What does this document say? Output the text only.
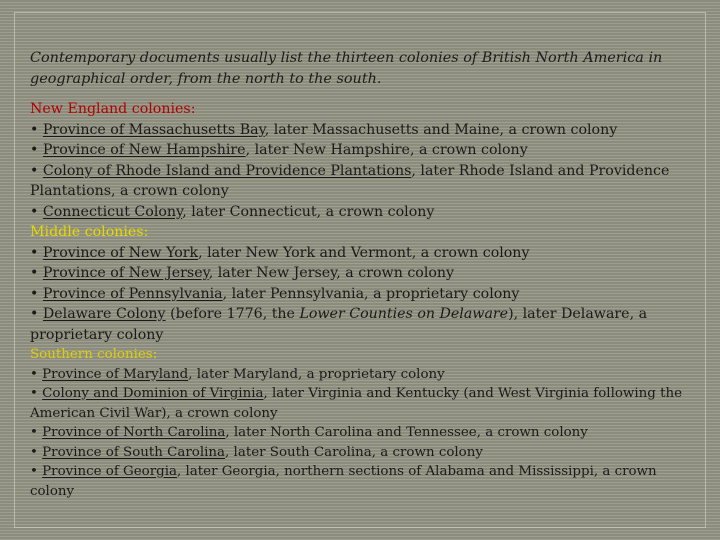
Contemporary documents usually list the thirteen colonies of British North America in geographical order, from the north to the south.

New England colonies:
• Province of Massachusetts Bay, later Massachusetts and Maine, a crown colony
• Province of New Hampshire, later New Hampshire, a crown colony
• Colony of Rhode Island and Providence Plantations, later Rhode Island and Providence Plantations, a crown colony
• Connecticut Colony, later Connecticut, a crown colony
Middle colonies:
• Province of New York, later New York and Vermont, a crown colony
• Province of New Jersey, later New Jersey, a crown colony
• Province of Pennsylvania, later Pennsylvania, a proprietary colony
• Delaware Colony (before 1776, the Lower Counties on Delaware), later Delaware, a proprietary colony
Southern colonies:
• Province of Maryland, later Maryland, a proprietary colony
• Colony and Dominion of Virginia, later Virginia and Kentucky (and West Virginia following the American Civil War), a crown colony
• Province of North Carolina, later North Carolina and Tennessee, a crown colony
• Province of South Carolina, later South Carolina, a crown colony
• Province of Georgia, later Georgia, northern sections of Alabama and Mississippi, a crown colony
